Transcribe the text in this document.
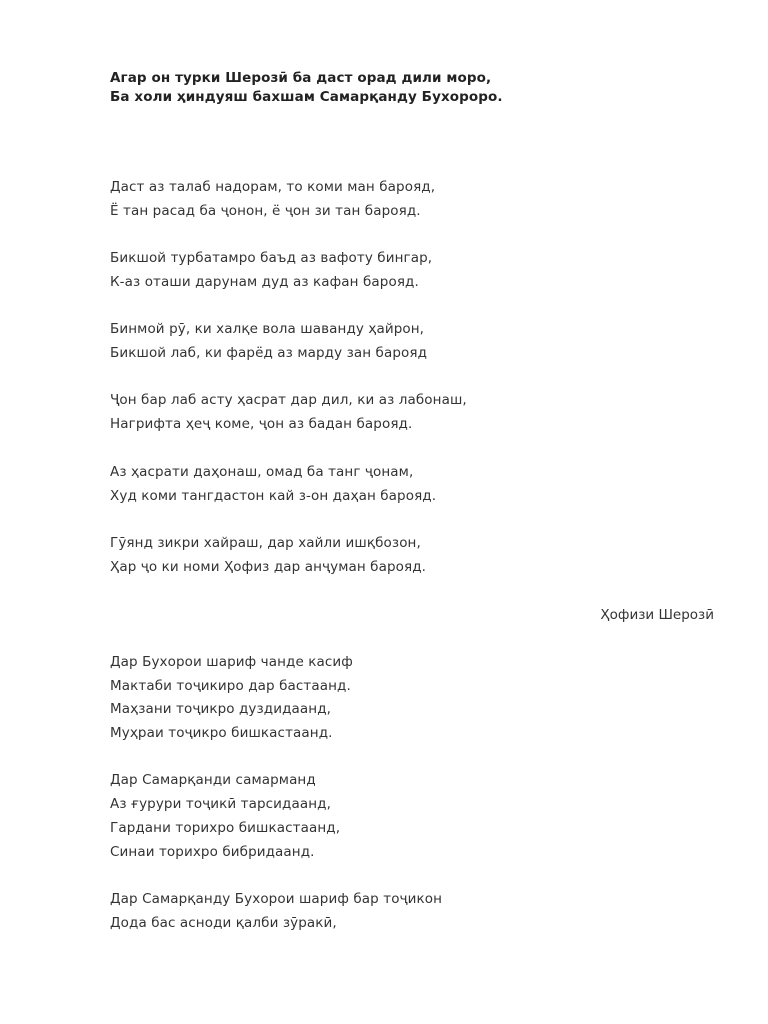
Агар он турки Шерозӣ ба даст орад дили моро,
Ба холи ҳиндуяш бахшам Самарқанду Бухороро.
Даст аз талаб надорам, то коми ман барояд,
Ё тан расад ба ҷонон, ё ҷон зи тан барояд.
Бикшой турбатамро баъд аз вафоту бингар,
К-аз оташи дарунам дуд аз кафан барояд.
Бинмой рӯ, ки халқе вола шаванду ҳайрон,
Бикшой лаб, ки фарёд аз марду зан барояд
Ҷон бар лаб асту ҳасрат дар дил, ки аз лабонаш,
Нагрифта ҳеҷ коме, ҷон аз бадан барояд.
Аз ҳасрати даҳонаш, омад ба танг ҷонам,
Худ коми тангдастон кай з-он даҳан барояд.
Гӯянд зикри хайраш, дар хайли ишқбозон,
Ҳар ҷо ки номи Ҳофиз дар анҷуман барояд.
Ҳофизи Шерозӣ
Дар Бухорои шариф чанде касиф
Мактаби тоҷикиро дар бастаанд.
Маҳзани тоҷикро дуздидаанд,
Муҳраи тоҷикро бишкастаанд.
Дар Самарқанди самарманд
Аз ғурури тоҷикӣ тарсидаанд,
Гардани торихро бишкастаанд,
Синаи торихро бибридаанд.
Дар Самарқанду Бухорои шариф бар тоҷикон
Дода бас асноди қалби зӯракӣ,
